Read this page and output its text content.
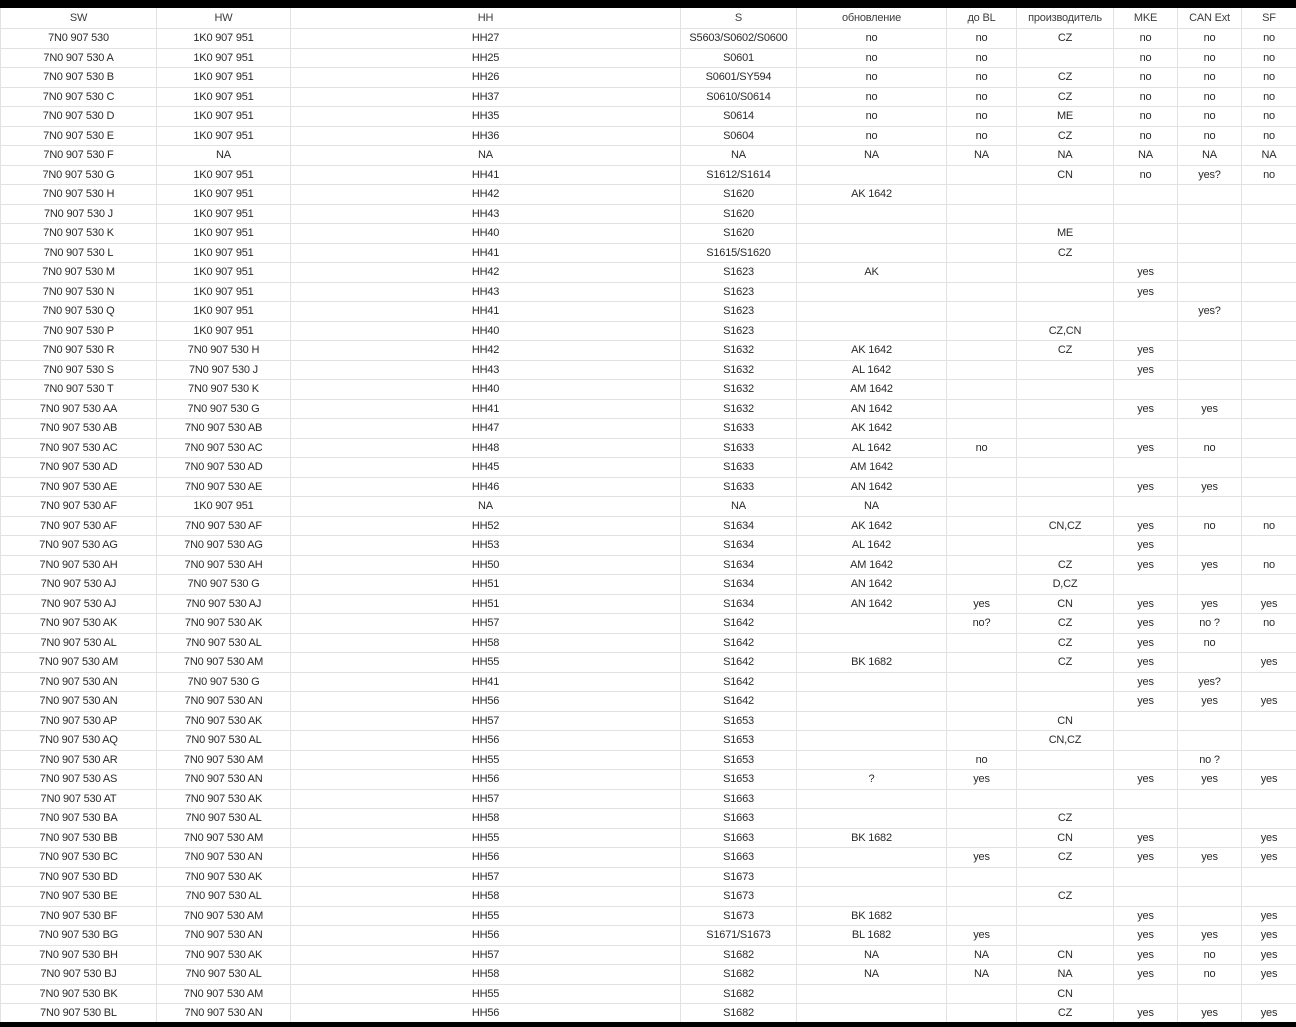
SW	HW	HH	S	обновление	до BL	производитель	MKE	CAN Ext	SF
7N0 907 530	1K0 907 951	HH27	S5603/S0602/S0600	no	no	CZ	no	no	no
7N0 907 530 A	1K0 907 951	HH25	S0601	no	no		no	no	no
7N0 907 530 B	1K0 907 951	HH26	S0601/SY594	no	no	CZ	no	no	no
7N0 907 530 C	1K0 907 951	HH37	S0610/S0614	no	no	CZ	no	no	no
7N0 907 530 D	1K0 907 951	HH35	S0614	no	no	ME	no	no	no
7N0 907 530 E	1K0 907 951	HH36	S0604	no	no	CZ	no	no	no
7N0 907 530 F	NA	NA	NA	NA	NA	NA	NA	NA	NA
7N0 907 530 G	1K0 907 951	HH41	S1612/S1614			CN	no	yes?	no
7N0 907 530 H	1K0 907 951	HH42	S1620	AK 1642					
7N0 907 530 J	1K0 907 951	HH43	S1620						
7N0 907 530 K	1K0 907 951	HH40	S1620			ME			
7N0 907 530 L	1K0 907 951	HH41	S1615/S1620			CZ			
7N0 907 530 M	1K0 907 951	HH42	S1623	AK			yes		
7N0 907 530 N	1K0 907 951	HH43	S1623				yes		
7N0 907 530 Q	1K0 907 951	HH41	S1623					yes?	
7N0 907 530 P	1K0 907 951	HH40	S1623			CZ,CN			
7N0 907 530 R	7N0 907 530 H	HH42	S1632	AK 1642		CZ	yes		
7N0 907 530 S	7N0 907 530 J	HH43	S1632	AL 1642			yes		
7N0 907 530 T	7N0 907 530 K	HH40	S1632	AM 1642					
7N0 907 530 AA	7N0 907 530 G	HH41	S1632	AN 1642			yes	yes	
7N0 907 530 AB	7N0 907 530 AB	HH47	S1633	AK 1642					
7N0 907 530 AC	7N0 907 530 AC	HH48	S1633	AL 1642	no		yes	no	
7N0 907 530 AD	7N0 907 530 AD	HH45	S1633	AM 1642					
7N0 907 530 AE	7N0 907 530 AE	HH46	S1633	AN 1642			yes	yes	
7N0 907 530 AF	1K0 907 951	NA	NA	NA					
7N0 907 530 AF	7N0 907 530 AF	HH52	S1634	AK 1642		CN,CZ	yes	no	no
7N0 907 530 AG	7N0 907 530 AG	HH53	S1634	AL 1642			yes		
7N0 907 530 AH	7N0 907 530 AH	HH50	S1634	AM 1642		CZ	yes	yes	no
7N0 907 530 AJ	7N0 907 530 G	HH51	S1634	AN 1642		D,CZ			
7N0 907 530 AJ	7N0 907 530 AJ	HH51	S1634	AN 1642	yes	CN	yes	yes	yes
7N0 907 530 AK	7N0 907 530 AK	HH57	S1642		no?	CZ	yes	no ?	no
7N0 907 530 AL	7N0 907 530 AL	HH58	S1642			CZ	yes	no	
7N0 907 530 AM	7N0 907 530 AM	HH55	S1642	BK 1682		CZ	yes		yes
7N0 907 530 AN	7N0 907 530 G	HH41	S1642				yes	yes?	
7N0 907 530 AN	7N0 907 530 AN	HH56	S1642				yes	yes	yes
7N0 907 530 AP	7N0 907 530 AK	HH57	S1653			CN			
7N0 907 530 AQ	7N0 907 530 AL	HH56	S1653			CN,CZ			
7N0 907 530 AR	7N0 907 530 AM	HH55	S1653		no			no ?	
7N0 907 530 AS	7N0 907 530 AN	HH56	S1653	?	yes		yes	yes	yes
7N0 907 530 AT	7N0 907 530 AK	HH57	S1663						
7N0 907 530 BA	7N0 907 530 AL	HH58	S1663			CZ			
7N0 907 530 BB	7N0 907 530 AM	HH55	S1663	BK 1682		CN	yes		yes
7N0 907 530 BC	7N0 907 530 AN	HH56	S1663		yes	CZ	yes	yes	yes
7N0 907 530 BD	7N0 907 530 AK	HH57	S1673						
7N0 907 530 BE	7N0 907 530 AL	HH58	S1673			CZ			
7N0 907 530 BF	7N0 907 530 AM	HH55	S1673	BK 1682			yes		yes
7N0 907 530 BG	7N0 907 530 AN	HH56	S1671/S1673	BL 1682	yes		yes	yes	yes
7N0 907 530 BH	7N0 907 530 AK	HH57	S1682	NA	NA	CN	yes	no	yes
7N0 907 530 BJ	7N0 907 530 AL	HH58	S1682	NA	NA	NA	yes	no	yes
7N0 907 530 BK	7N0 907 530 AM	HH55	S1682			CN			
7N0 907 530 BL	7N0 907 530 AN	HH56	S1682			CZ	yes	yes	yes
